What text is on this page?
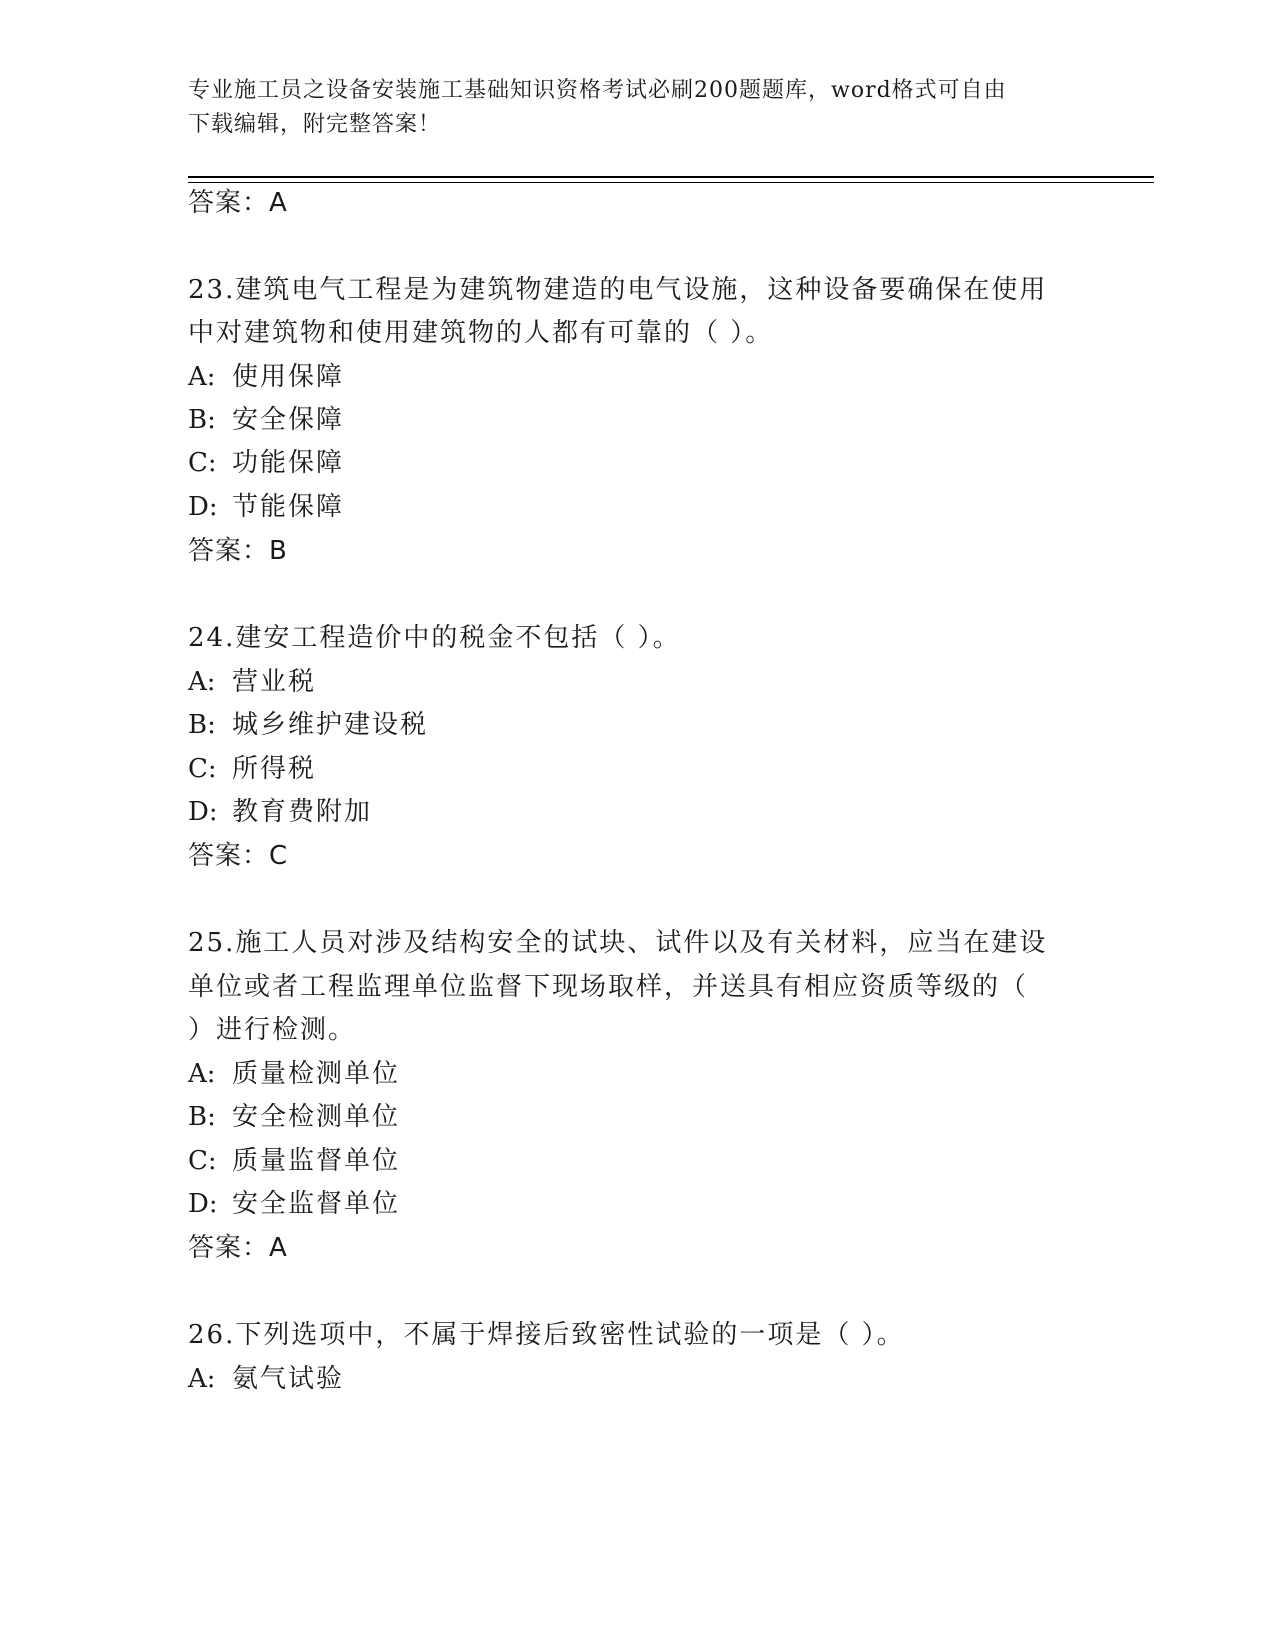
专业施工员之设备安装施工基础知识资格考试必刷200题题库，word格式可自由
下载编辑，附完整答案！
答案：A
23.建筑电气工程是为建筑物建造的电气设施，这种设备要确保在使用
中对建筑物和使用建筑物的人都有可靠的（ ）。
A: 使用保障
B: 安全保障
C: 功能保障
D: 节能保障
答案：B
24.建安工程造价中的税金不包括（ ）。
A: 营业税
B: 城乡维护建设税
C: 所得税
D: 教育费附加
答案：C
25.施工人员对涉及结构安全的试块、试件以及有关材料，应当在建设
单位或者工程监理单位监督下现场取样，并送具有相应资质等级的（
）进行检测。
A: 质量检测单位
B: 安全检测单位
C: 质量监督单位
D: 安全监督单位
答案：A
26.下列选项中，不属于焊接后致密性试验的一项是（ ）。
A: 氨气试验
